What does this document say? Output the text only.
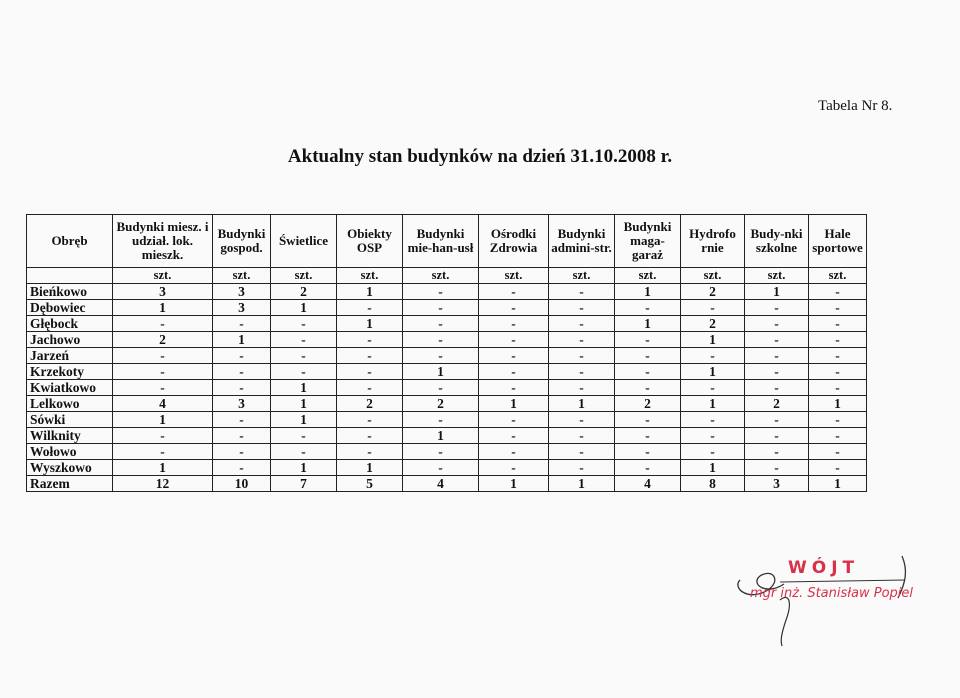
Tabela Nr 8.
Aktualny stan budynków na dzień 31.10.2008 r.
Obręb	Budynki miesz. i udział. lok. mieszk.	Budynki gospod.	Świetlice	Obiekty OSP	Budynki mie-han-usł	Ośrodki Zdrowia	Budynki admini-str.	Budynki maga-garaż	Hydrofo rnie	Budy-nki szkolne	Hale sportowe
	szt.	szt.	szt.	szt.	szt.	szt.	szt.	szt.	szt.	szt.	szt.
Bieńkowo	3	3	2	1	-	-	-	1	2	1	-
Dębowiec	1	3	1	-	-	-	-	-	-	-	-
Głębock	-	-	-	1	-	-	-	1	2	-	-
Jachowo	2	1	-	-	-	-	-	-	1	-	-
Jarzeń	-	-	-	-	-	-	-	-	-	-	-
Krzekoty	-	-	-	-	1	-	-	-	1	-	-
Kwiatkowo	-	-	1	-	-	-	-	-	-	-	-
Lelkowo	4	3	1	2	2	1	1	2	1	2	1
Sówki	1	-	1	-	-	-	-	-	-	-	-
Wilknity	-	-	-	-	1	-	-	-	-	-	-
Wołowo	-	-	-	-	-	-	-	-	-	-	-
Wyszkowo	1	-	1	1	-	-	-	-	1	-	-
Razem	12	10	7	5	4	1	1	4	8	3	1
WÓJT
mgr inż. Stanisław Popiel
